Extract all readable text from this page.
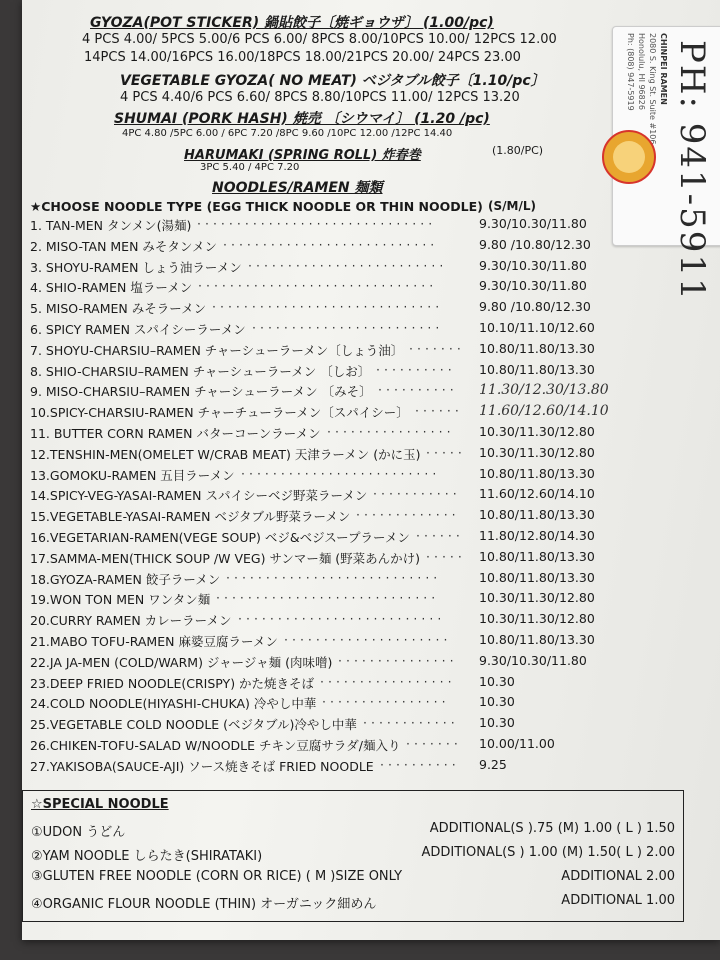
GYOZA(POT STICKER) 鍋貼餃子〔焼ギョウザ〕 (1.00/pc)
4 PCS 4.00/ 5PCS 5.00/6 PCS 6.00/ 8PCS 8.00/10PCS 10.00/ 12PCS 12.00
14PCS 14.00/16PCS 16.00/18PCS 18.00/21PCS 20.00/ 24PCS 23.00
VEGETABLE GYOZA( NO MEAT) ベジタブル餃子〔1.10/pc〕
4 PCS 4.40/6 PCS 6.60/ 8PCS 8.80/10PCS 11.00/ 12PCS 13.20
SHUMAI (PORK HASH) 焼売 〔シウマイ〕 (1.20 /pc)
4PC 4.80 /5PC 6.00 / 6PC 7.20 /8PC 9.60 /10PC 12.00 /12PC 14.40
HARUMAKI (SPRING ROLL) 炸春巻	(1.80/PC)
3PC 5.40 / 4PC 7.20
NOODLES/RAMEN 麺類
★CHOOSE NOODLE TYPE (EGG THICK NOODLE OR THIN NOODLE) (S/M/L)
1. TAN-MEN タンメン(湯麺) ······························	9.30/10.30/11.80
2. MISO-TAN MEN みそタンメン ···························	9.80 /10.80/12.30
3. SHOYU-RAMEN しょう油ラーメン ·························	9.30/10.30/11.80
4. SHIO-RAMEN 塩ラーメン ······························	9.30/10.30/11.80
5. MISO-RAMEN みそラーメン ·····························	9.80 /10.80/12.30
6. SPICY RAMEN スパイシーラーメン ························	10.10/11.10/12.60
7. SHOYU-CHARSIU–RAMEN チャーシューラーメン〔しょう油〕 ······· 10.80/11.80/13.30
8. SHIO-CHARSIU–RAMEN チャーシューラーメン 〔しお〕 ·········· 10.80/11.80/13.30
9. MISO-CHARSIU–RAMEN チャーシューラーメン 〔みそ〕 ·········· 11.30/12.30/13.80
10.SPICY-CHARSIU-RAMEN チャーチューラーメン〔スパイシー〕 ······ 11.60/12.60/14.10
11. BUTTER CORN RAMEN バターコーンラーメン ················ 10.30/11.30/12.80
12.TENSHIN-MEN(OMELET W/CRAB MEAT) 天津ラーメン (かに玉) ····· 10.30/11.30/12.80
13.GOMOKU-RAMEN 五目ラーメン ·························	10.80/11.80/13.30
14.SPICY-VEG-YASAI-RAMEN スパイシーベジ野菜ラーメン ··········· 11.60/12.60/14.10
15.VEGETABLE-YASAI-RAMEN ベジタブル野菜ラーメン ············· 10.80/11.80/13.30
16.VEGETARIAN-RAMEN(VEGE SOUP) ベジ&ベジスープラーメン ······ 11.80/12.80/14.30
17.SAMMA-MEN(THICK SOUP /W VEG) サンマー麺 (野菜あんかけ) ····· 10.80/11.80/13.30
18.GYOZA-RAMEN 餃子ラーメン ···························	10.80/11.80/13.30
19.WON TON MEN ワンタン麺 ····························	10.30/11.30/12.80
20.CURRY RAMEN カレーラーメン ··························	10.30/11.30/12.80
21.MABO TOFU-RAMEN 麻婆豆腐ラーメン ····················· 10.80/11.80/13.30
22.JA JA-MEN (COLD/WARM) ジャージャ麺 (肉味噌) ··············· 9.30/10.30/11.80
23.DEEP FRIED NOODLE(CRISPY) かた焼きそば ················· 10.30
24.COLD NOODLE(HIYASHI-CHUKA) 冷やし中華 ················ 10.30
25.VEGETABLE COLD NOODLE (ベジタブル)冷やし中華 ············ 10.30
26.CHIKEN-TOFU-SALAD W/NOODLE チキン豆腐サラダ/麺入り ······· 10.00/11.00
27.YAKISOBA(SAUCE-AJI) ソース焼きそば FRIED NOODLE ·········· 9.25
☆SPECIAL NOODLE
①UDON うどん	ADDITIONAL(S ).75 (M) 1.00 ( L ) 1.50
②YAM NOODLE しらたき(SHIRATAKI)	ADDITIONAL(S ) 1.00 (M) 1.50( L ) 2.00
③GLUTEN FREE NOODLE (CORN OR RICE) ( M )SIZE ONLY	ADDITIONAL 2.00
④ORGANIC FLOUR NOODLE (THIN) オーガニック細めん	ADDITIONAL 1.00
CHINPEI RAMEN
2080 S. King St. Suite #106
Honolulu, HI 96826
Ph: (808) 947-5919 PH: 941-5911
